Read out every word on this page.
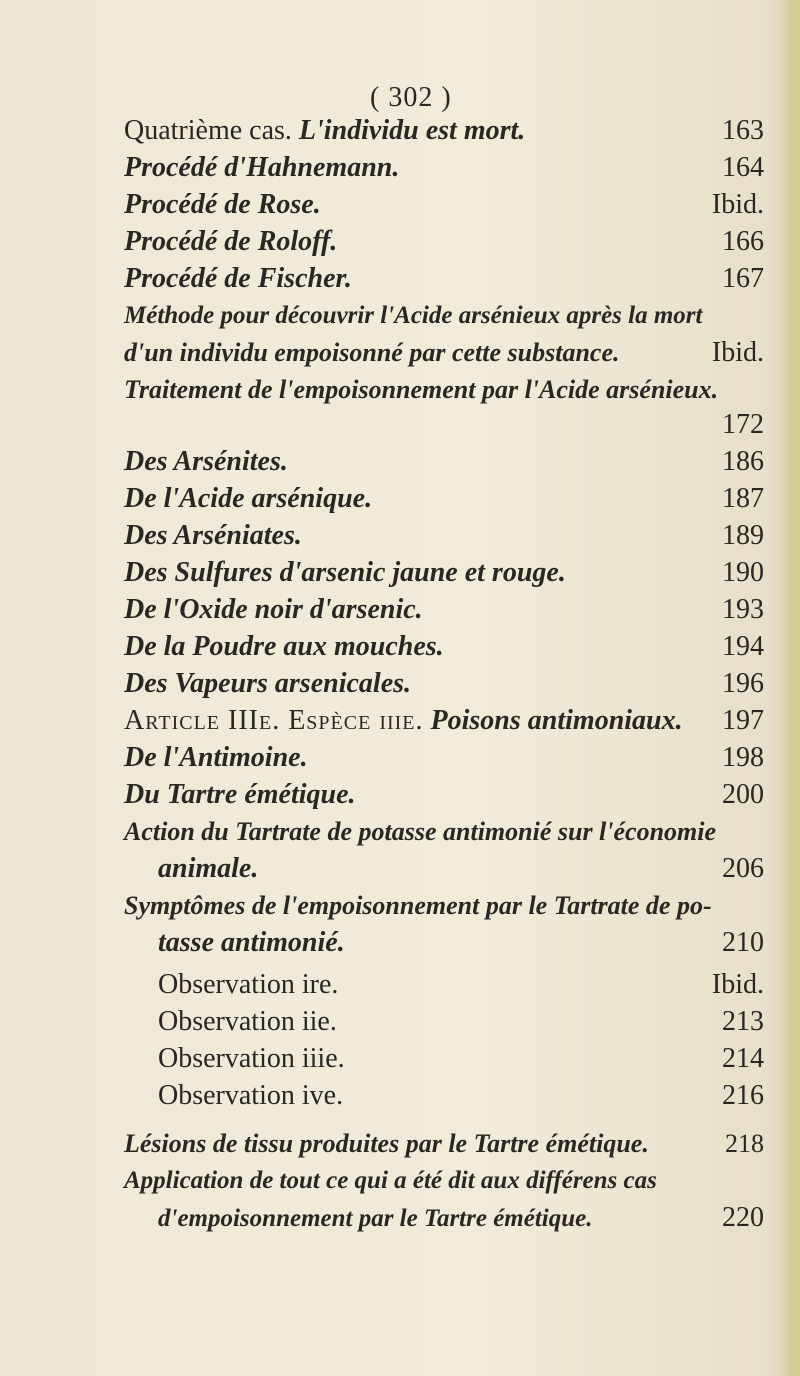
( 302 )
Quatrième cas. L'individu est mort.	163
Procédé d'Hahnemann.	164
Procédé de Rose.	Ibid.
Procédé de Roloff.	166
Procédé de Fischer.	167
Méthode pour découvrir l'Acide arsénieux après la mort
d'un individu empoisonné par cette substance.	Ibid.
Traitement de l'empoisonnement par l'Acide arsénieux.
172
Des Arsénites.	186
De l'Acide arsénique.	187
Des Arséniates.	189
Des Sulfures d'arsenic jaune et rouge.	190
De l'Oxide noir d'arsenic.	193
De la Poudre aux mouches.	194
Des Vapeurs arsenicales.	196
Article IIIe. Espèce iiie. Poisons antimoniaux. 197
De l'Antimoine.	198
Du Tartre émétique.	200
Action du Tartrate de potasse antimonié sur l'économie
animale.	206
Symptômes de l'empoisonnement par le Tartrate de po-
tasse antimonié.	210
Observation ire.	Ibid.
Observation iie.	213
Observation iiie.	214
Observation ive.	216
Lésions de tissu produites par le Tartre émétique.	218
Application de tout ce qui a été dit aux différens cas
d'empoisonnement par le Tartre émétique.	220
